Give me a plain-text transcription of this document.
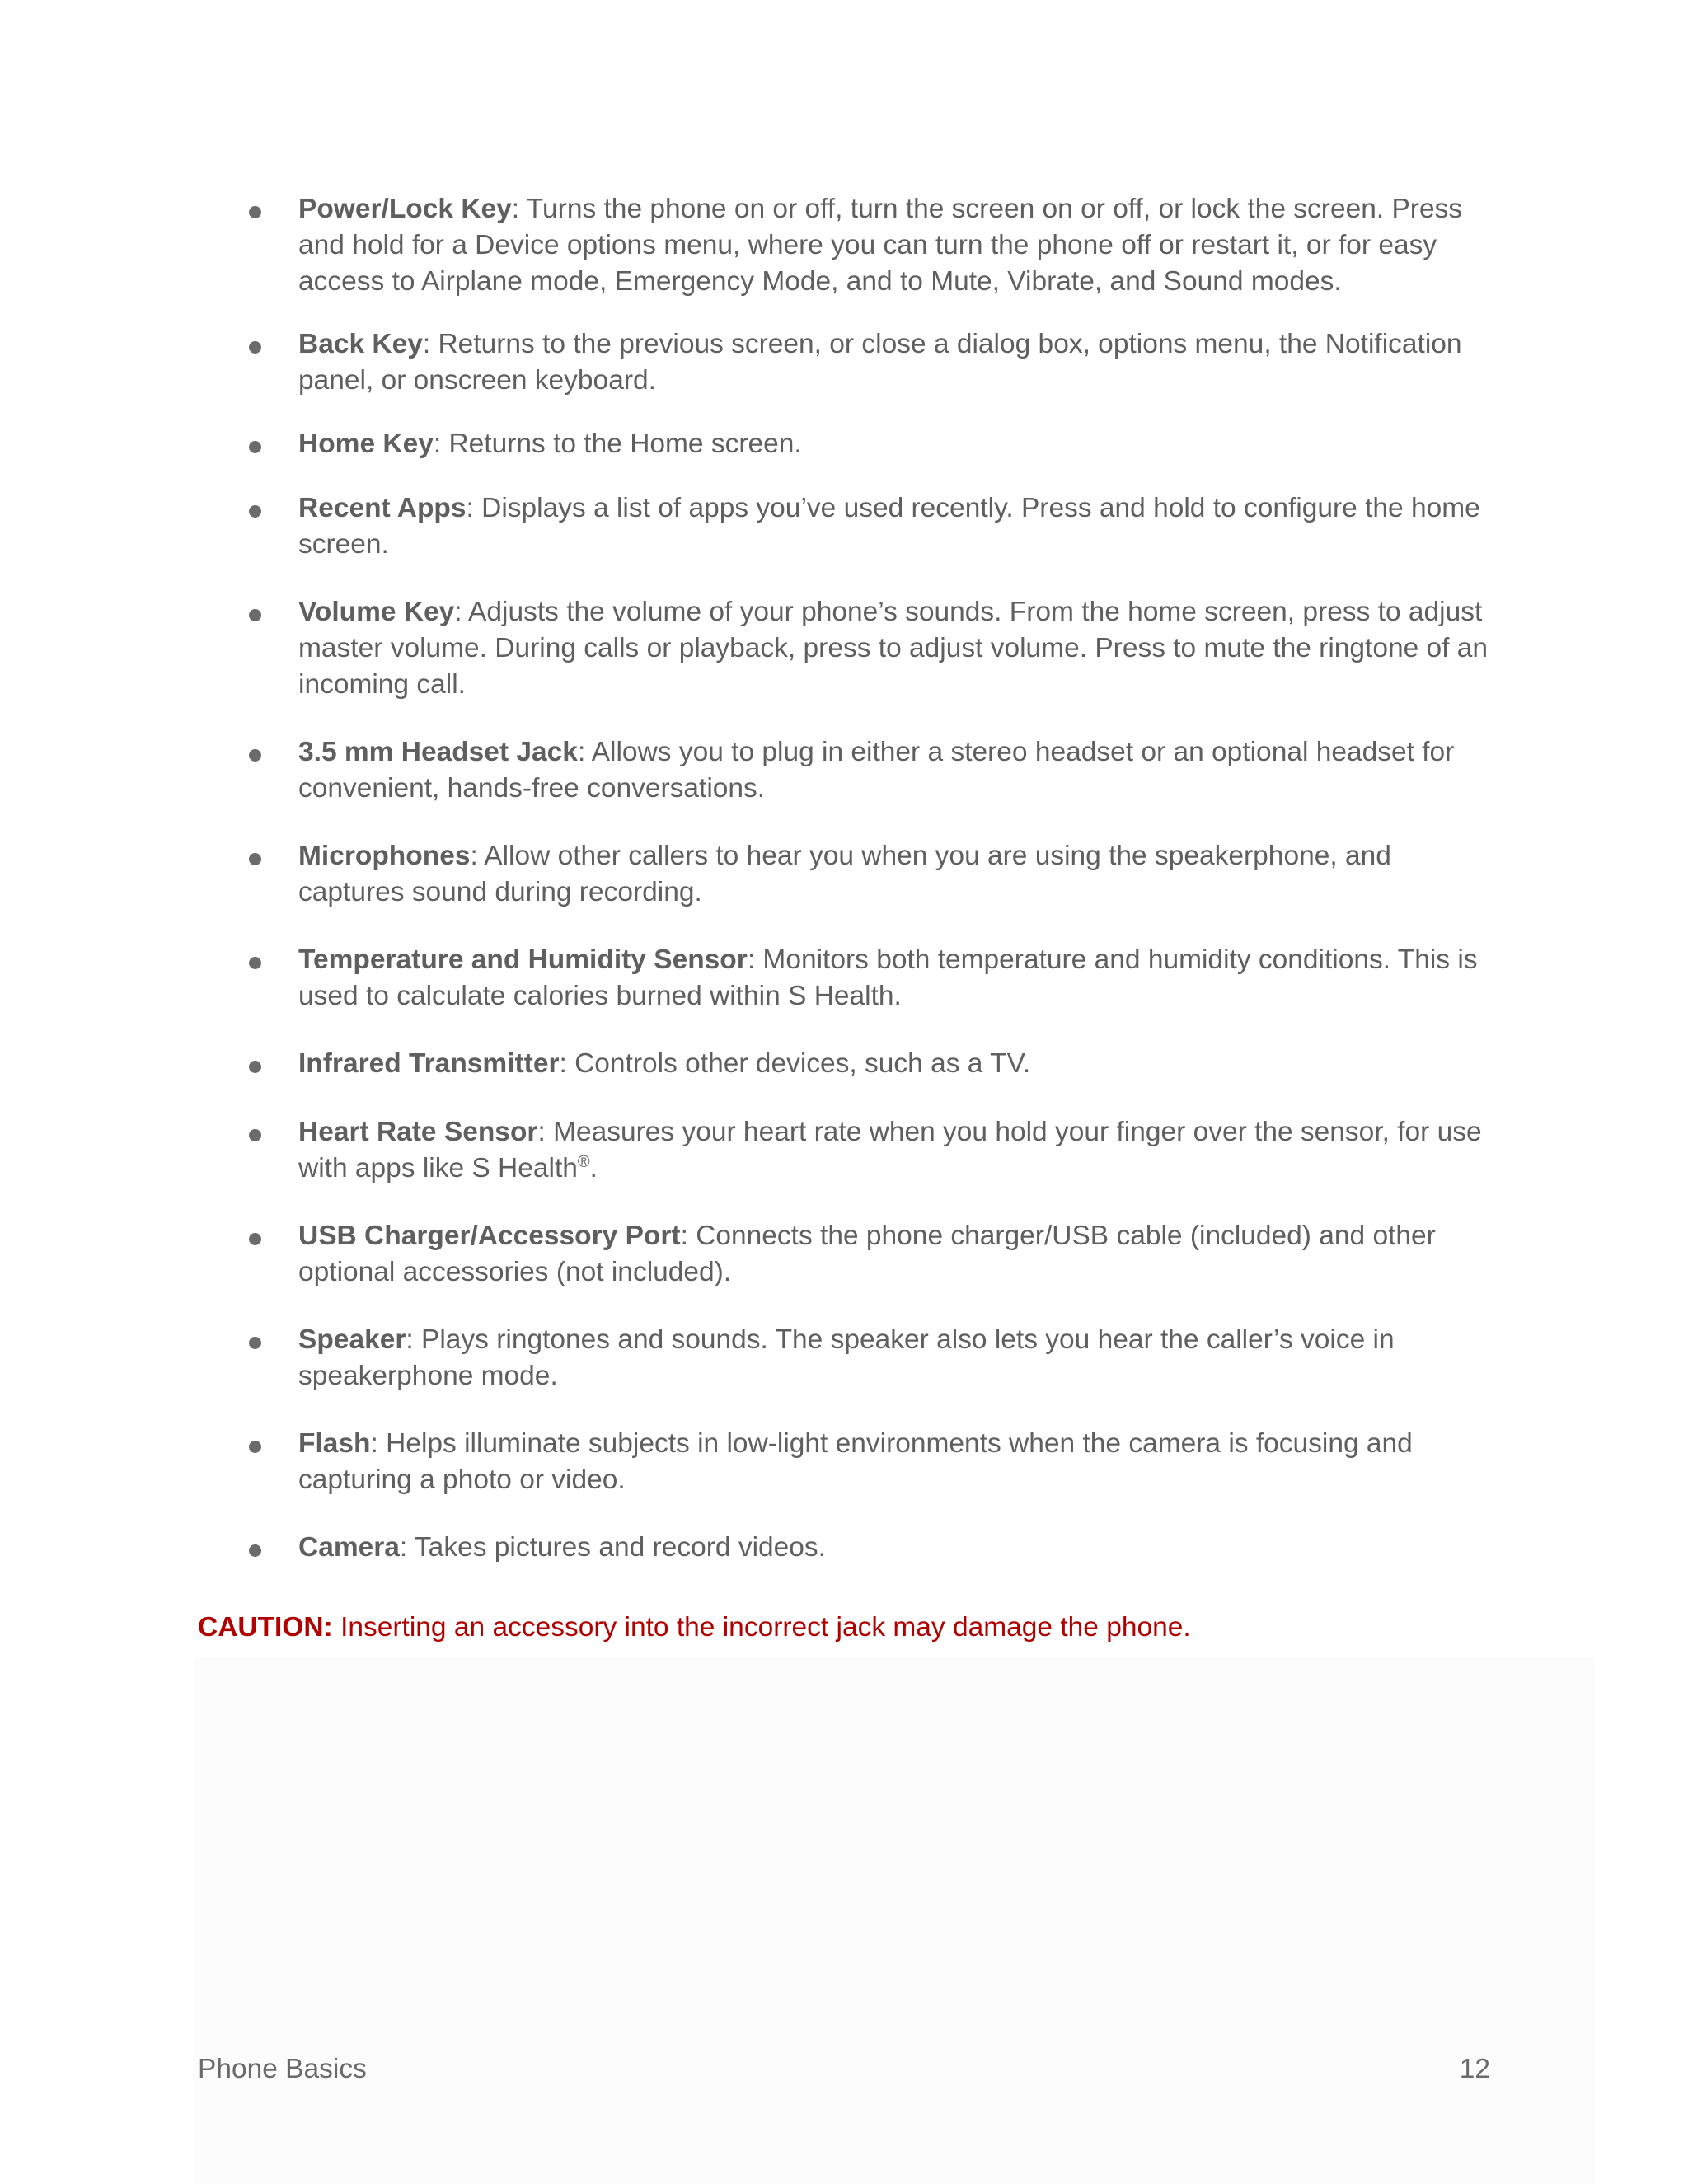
Power/Lock Key: Turns the phone on or off, turn the screen on or off, or lock the screen. Press and hold for a Device options menu, where you can turn the phone off or restart it, or for easy access to Airplane mode, Emergency Mode, and to Mute, Vibrate, and Sound modes.
Back Key: Returns to the previous screen, or close a dialog box, options menu, the Notification panel, or onscreen keyboard.
Home Key: Returns to the Home screen.
Recent Apps: Displays a list of apps you’ve used recently. Press and hold to configure the home screen.
Volume Key: Adjusts the volume of your phone’s sounds. From the home screen, press to adjust master volume. During calls or playback, press to adjust volume. Press to mute the ringtone of an incoming call.
3.5 mm Headset Jack: Allows you to plug in either a stereo headset or an optional headset for convenient, hands-free conversations.
Microphones: Allow other callers to hear you when you are using the speakerphone, and captures sound during recording.
Temperature and Humidity Sensor: Monitors both temperature and humidity conditions. This is used to calculate calories burned within S Health.
Infrared Transmitter: Controls other devices, such as a TV.
Heart Rate Sensor: Measures your heart rate when you hold your finger over the sensor, for use with apps like S Health®.
USB Charger/Accessory Port: Connects the phone charger/USB cable (included) and other optional accessories (not included).
Speaker: Plays ringtones and sounds. The speaker also lets you hear the caller’s voice in speakerphone mode.
Flash: Helps illuminate subjects in low-light environments when the camera is focusing and capturing a photo or video.
Camera: Takes pictures and record videos.
CAUTION: Inserting an accessory into the incorrect jack may damage the phone.
Phone Basics	12
